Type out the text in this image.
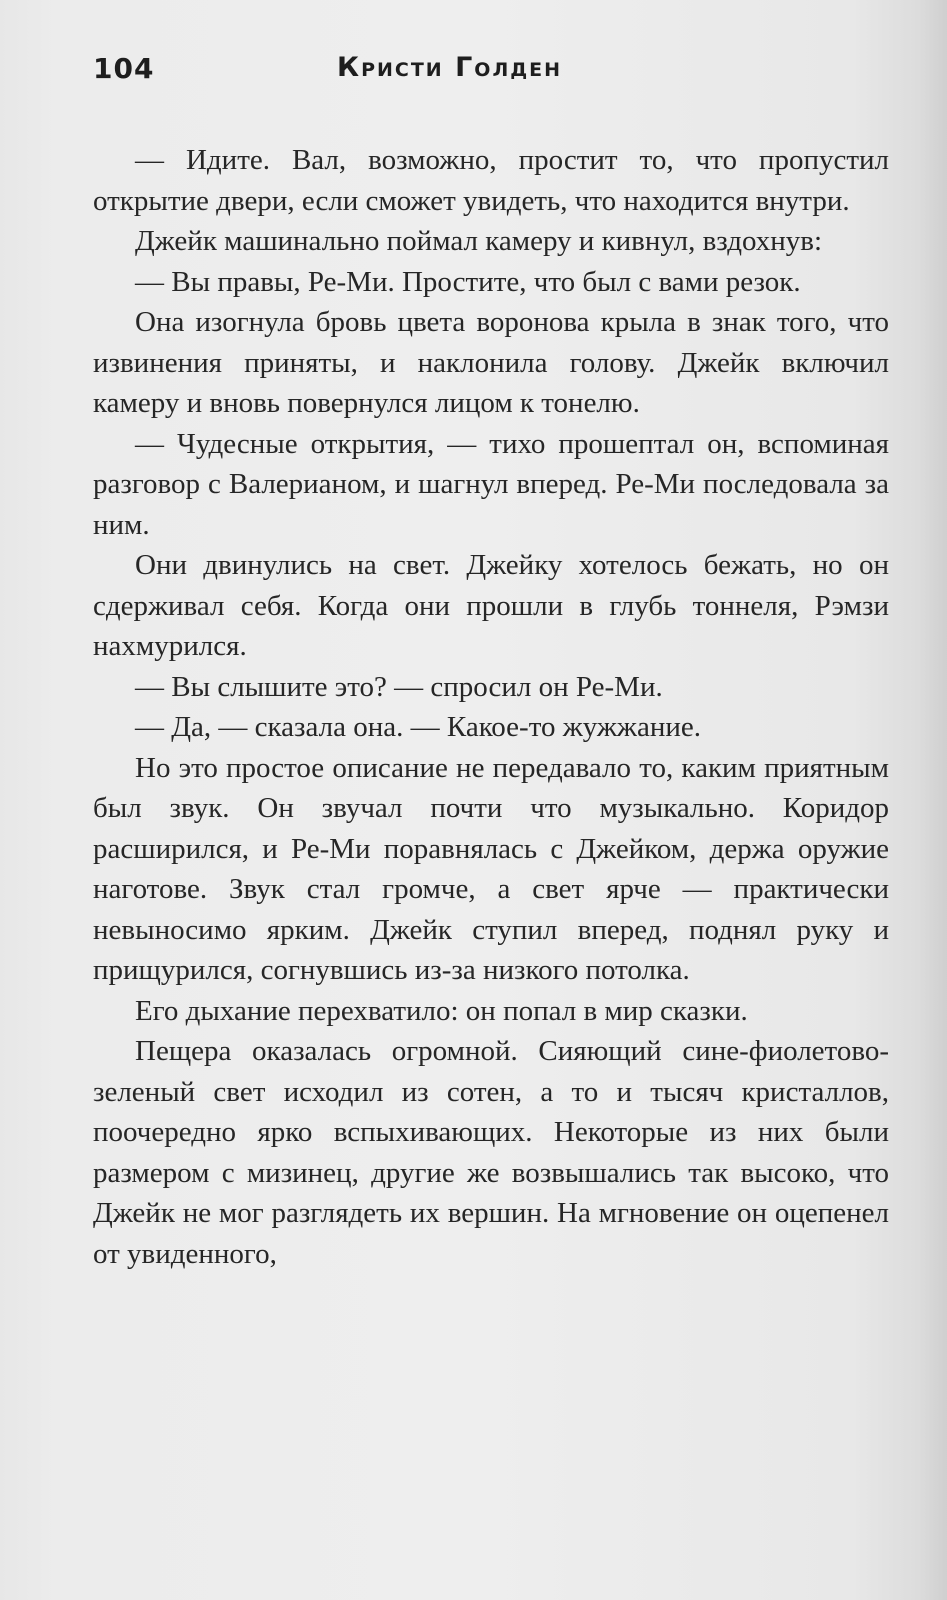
104	Кристи Голден

— Идите. Вал, возможно, простит то, что пропустил открытие двери, если сможет увидеть, что находится внутри.

Джейк машинально поймал камеру и кивнул, вздохнув:

— Вы правы, Ре-Ми. Простите, что был с вами резок.

Она изогнула бровь цвета воронова крыла в знак того, что извинения приняты, и наклонила голову. Джейк включил камеру и вновь повернулся лицом к тонелю.

— Чудесные открытия, — тихо прошептал он, вспоминая разговор с Валерианом, и шагнул вперед. Ре-Ми последовала за ним.

Они двинулись на свет. Джейку хотелось бежать, но он сдерживал себя. Когда они прошли в глубь тоннеля, Рэмзи нахмурился.

— Вы слышите это? — спросил он Ре-Ми.

— Да, — сказала она. — Какое-то жужжание.

Но это простое описание не передавало то, каким приятным был звук. Он звучал почти что музыкально. Коридор расширился, и Ре-Ми поравнялась с Джейком, держа оружие наготове. Звук стал громче, а свет ярче — практически невыносимо ярким. Джейк ступил вперед, поднял руку и прищурился, согнувшись из-за низкого потолка.

Его дыхание перехватило: он попал в мир сказки.

Пещера оказалась огромной. Сияющий сине-фиолетово-зеленый свет исходил из сотен, а то и тысяч кристаллов, поочередно ярко вспыхивающих. Некоторые из них были размером с мизинец, другие же возвышались так высоко, что Джейк не мог разглядеть их вершин. На мгновение он оцепенел от увиденного,
